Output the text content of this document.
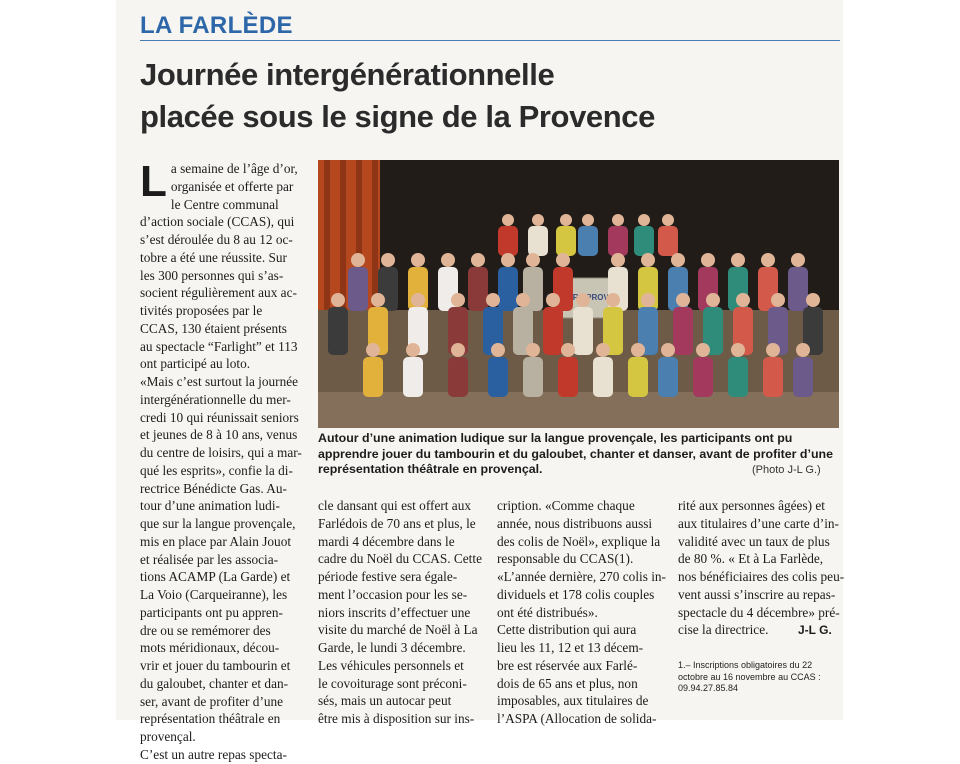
LA FARLÈDE
Journée intergénérationnelle
placée sous le signe de la Provence
L a semaine de l’âge d’or,
organisée et offerte par
le Centre communal
d’action sociale (CCAS), qui
s’est déroulée du 8 au 12 oc-
tobre a été une réussite. Sur
les 300 personnes qui s’as-
socient régulièrement aux ac-
tivités proposées par le
CCAS, 130 étaient présents
au spectacle “Farlight” et 113
ont participé au loto.
«Mais c’est surtout la journée
intergénérationnelle du mer-
credi 10 qui réunissait seniors
et jeunes de 8 à 10 ans, venus
du centre de loisirs, qui a mar-
qué les esprits», confie la di-
rectrice Bénédicte Gas. Au-
tour d’une animation ludi-
que sur la langue provençale,
mis en place par Alain Jouot
et réalisée par les associa-
tions ACAMP (La Garde) et
La Voio (Carqueiranne), les
participants ont pu appren-
dre ou se remémorer des
mots méridionaux, décou-
vrir et jouer du tambourin et
du galoubet, chanter et dan-
ser, avant de profiter d’une
représentation théâtrale en
provençal.
C’est un autre repas specta-
PROVENÇ
Autour d’une animation ludique sur la langue provençale, les participants ont pu apprendre jouer du tambourin et du galoubet, chanter et danser, avant de profiter d’une représentation théâtrale en provençal.	(Photo J-L G.)
cle dansant qui est offert aux
Farlédois de 70 ans et plus, le
mardi 4 décembre dans le
cadre du Noël du CCAS. Cette
période festive sera égale-
ment l’occasion pour les se-
niors inscrits d’effectuer une
visite du marché de Noël à La
Garde, le lundi 3 décembre.
Les véhicules personnels et
le covoiturage sont préconi-
sés, mais un autocar peut
être mis à disposition sur ins-
cription. «Comme chaque
année, nous distribuons aussi
des colis de Noël», explique la
responsable du CCAS(1).
«L’année dernière, 270 colis in-
dividuels et 178 colis couples
ont été distribués».
Cette distribution qui aura
lieu les 11, 12 et 13 décem-
bre est réservée aux Farlé-
dois de 65 ans et plus, non
imposables, aux titulaires de
l’ASPA (Allocation de solida-
rité aux personnes âgées) et
aux titulaires d’une carte d’in-
validité avec un taux de plus
de 80 %. « Et à La Farlède,
nos bénéficiaires des colis peu-
vent aussi s’inscrire au repas-
spectacle du 4 décembre» pré-
cise la directrice.	J-L G.
1.– Inscriptions obligatoires du 22 octobre au 16 novembre au CCAS : 09.94.27.85.84
